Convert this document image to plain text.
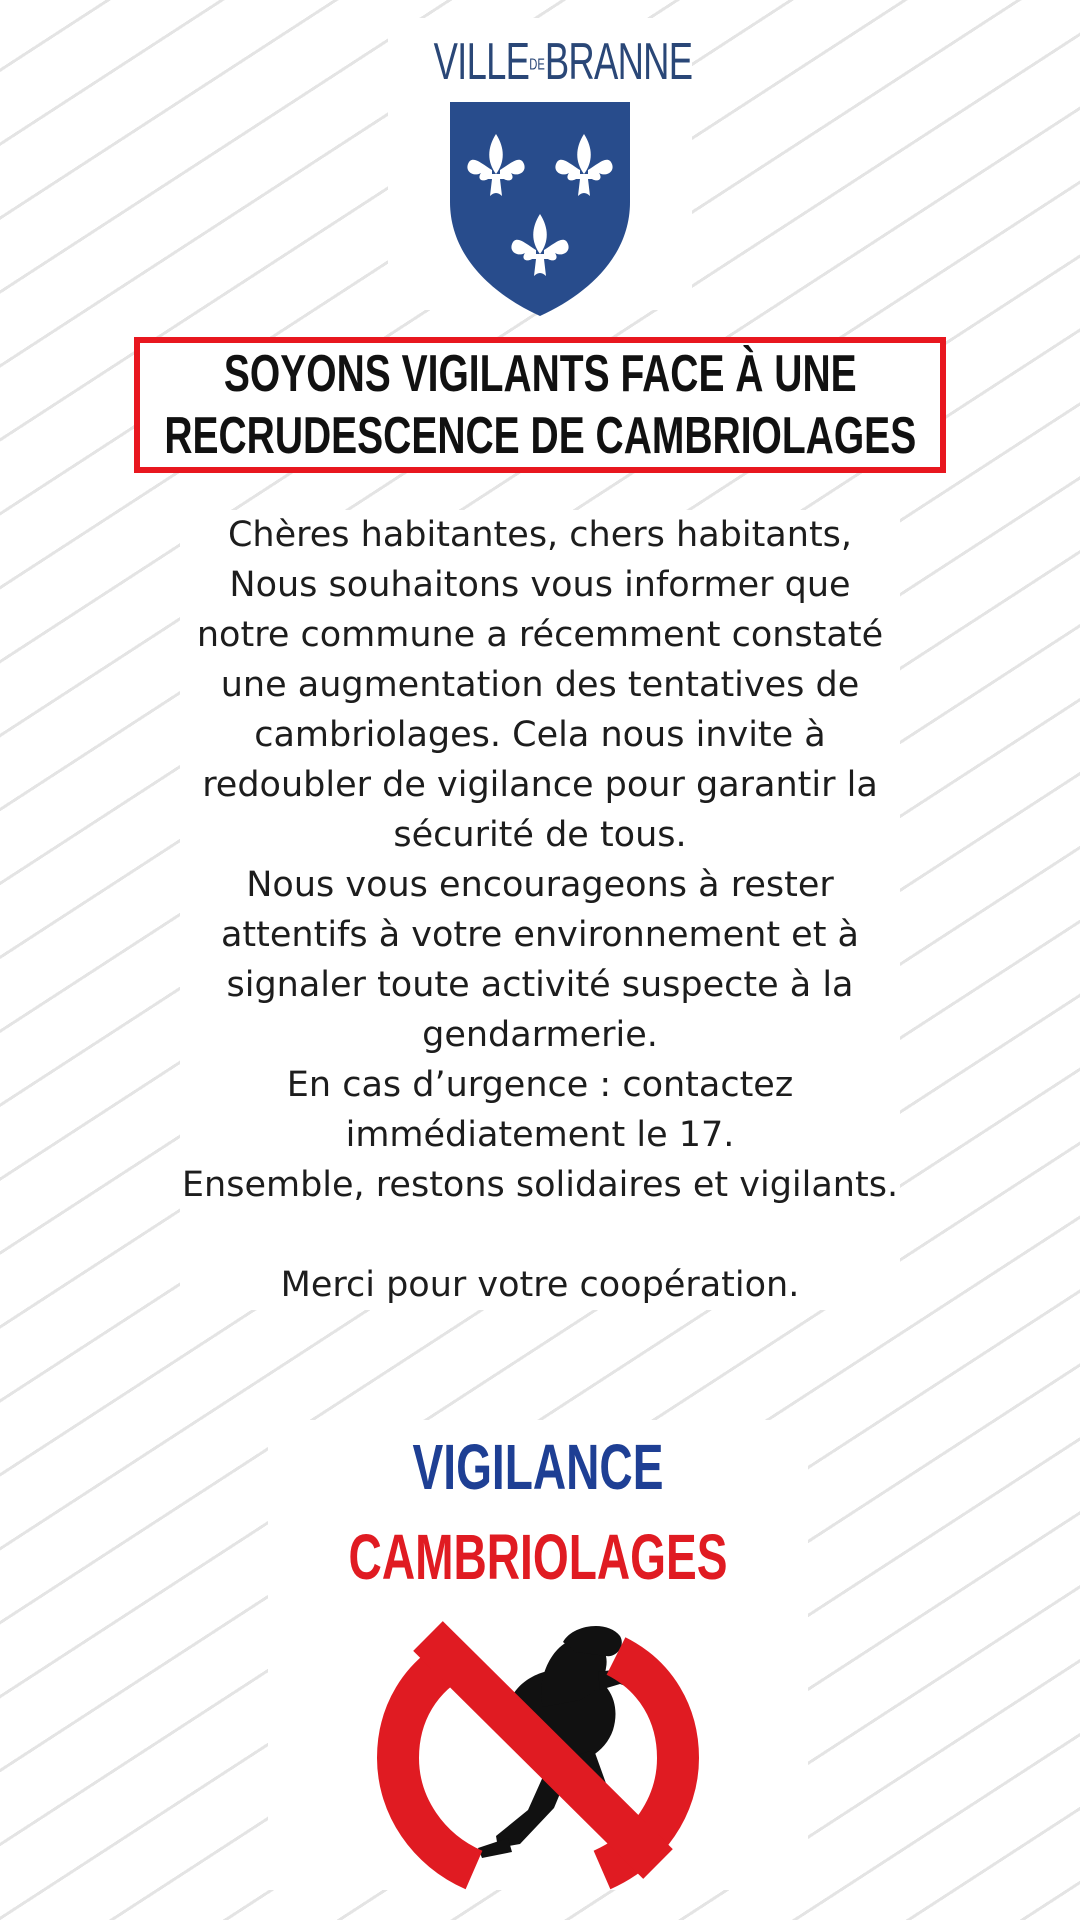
VILLEDEBRANNE
SOYONS VIGILANTS FACE À UNE
RECRUDESCENCE DE CAMBRIOLAGES

Chères habitantes, chers habitants,

Nous souhaitons vous informer que notre commune a récemment constaté une augmentation des tentatives de cambriolages. Cela nous invite à redoubler de vigilance pour garantir la sécurité de tous.

Nous vous encourageons à rester attentifs à votre environnement et à signaler toute activité suspecte à la gendarmerie.

En cas d’urgence : contactez immédiatement le 17.

Ensemble, restons solidaires et vigilants.

Merci pour votre coopération.

VIGILANCE

CAMBRIOLAGES
